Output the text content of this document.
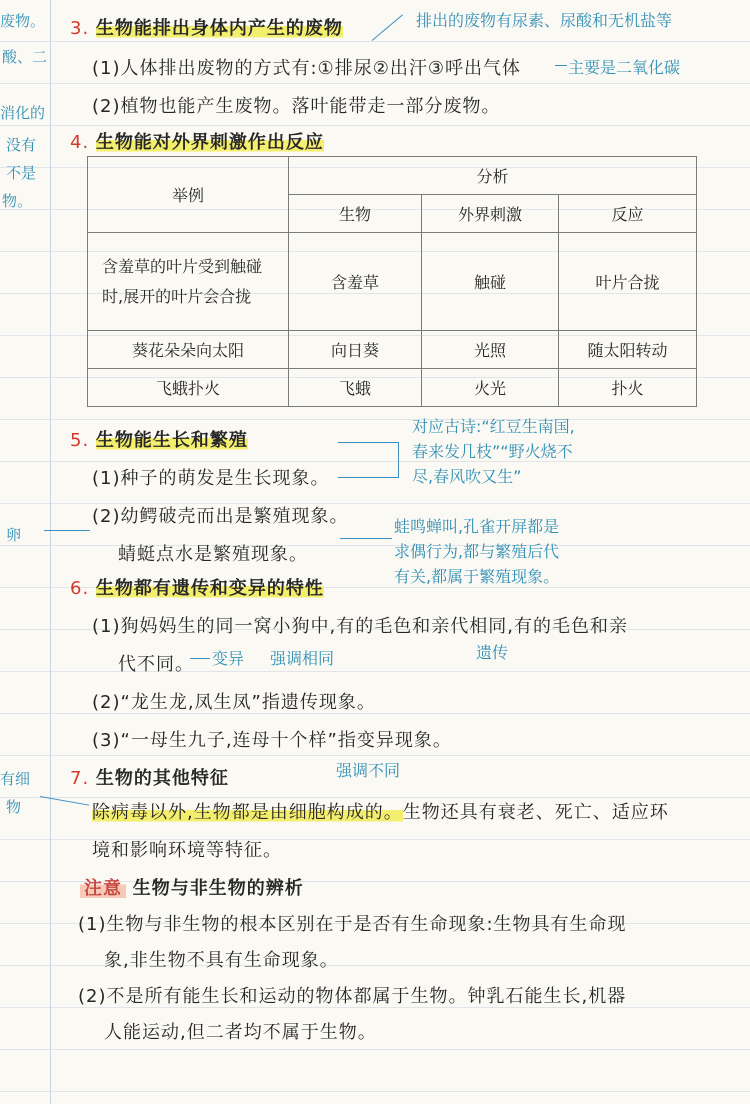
废物。
酸、二
消化的
没有
不是
物。
卵
有细
物
3. 生物能排出身体内产生的废物	排出的废物有尿素、尿酸和无机盐等
(1)人体排出废物的方式有:①排尿②出汗③呼出气体	主要是二氧化碳
(2)植物也能产生废物。落叶能带走一部分废物。
4. 生物能对外界刺激作出反应
举例	分析		
	生物	外界刺激	反应
含羞草的叶片受到触碰时,展开的叶片会合拢	含羞草	触碰	叶片合拢
葵花朵朵向太阳	向日葵	光照	随太阳转动
飞蛾扑火	飞蛾	火光	扑火
5. 生物能生长和繁殖
对应古诗:“红豆生南国,
春来发几枝”“野火烧不
尽,春风吹又生”
(1)种子的萌发是生长现象。
(2)幼鳄破壳而出是繁殖现象。
蜻蜓点水是繁殖现象。
蛙鸣蝉叫,孔雀开屏都是
求偶行为,都与繁殖后代
有关,都属于繁殖现象。
6. 生物都有遗传和变异的特性
(1)狗妈妈生的同一窝小狗中,有的毛色和亲代相同,有的毛色和亲
遗传
代不同。 变异 强调相同
(2)“龙生龙,凤生凤”指遗传现象。
(3)“一母生九子,连母十个样”指变异现象。
强调不同
7. 生物的其他特征
除病毒以外,生物都是由细胞构成的。生物还具有衰老、死亡、适应环
境和影响环境等特征。
注意 生物与非生物的辨析
(1)生物与非生物的根本区别在于是否有生命现象:生物具有生命现
象,非生物不具有生命现象。
(2)不是所有能生长和运动的物体都属于生物。钟乳石能生长,机器
人能运动,但二者均不属于生物。
